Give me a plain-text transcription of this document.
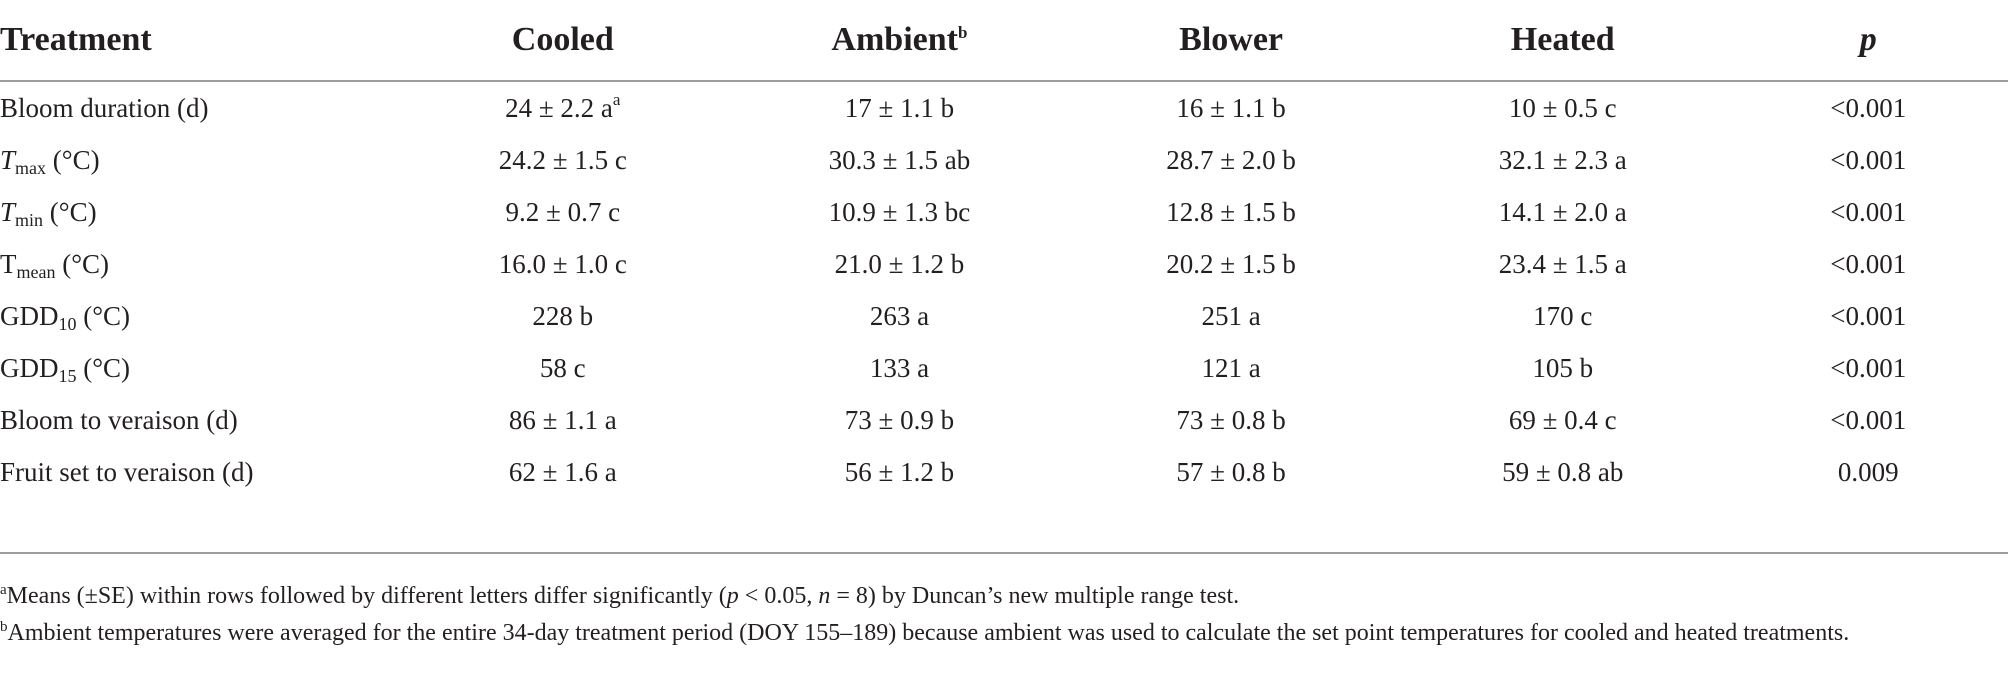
Treatment	Cooled	Ambient$^b$	Blower	Heated	p
Bloom duration (d)	24 ± 2.2 $a^a$	17 ± 1.1 b	16 ± 1.1 b	10 ± 0.5 c	<0.001
$T_{max}$ (°C)	24.2 ± 1.5 c	30.3 ± 1.5 ab	28.7 ± 2.0 b	32.1 ± 2.3 a	<0.001
$T_{min}$ (°C)	9.2 ± 0.7 c	10.9 ± 1.3 bc	12.8 ± 1.5 b	14.1 ± 2.0 a	<0.001
$T_{mean}$ (°C)	16.0 ± 1.0 c	21.0 ± 1.2 b	20.2 ± 1.5 b	23.4 ± 1.5 a	<0.001
$GDD_{10}$ (°C)	228 b	263 a	251 a	170 c	<0.001
$GDD_{15}$ (°C)	58 c	133 a	121 a	105 b	<0.001
Bloom to veraison (d)	86 ± 1.1 a	73 ± 0.9 b	73 ± 0.8 b	69 ± 0.4 c	<0.001
Fruit set to veraison (d)	62 ± 1.6 a	56 ± 1.2 b	57 ± 0.8 b	59 ± 0.8 ab	0.009

$^a$Means (±SE) within rows followed by different letters differ significantly (p < 0.05, n = 8) by Duncan’s new multiple range test.

$^b$Ambient temperatures were averaged for the entire 34-day treatment period (DOY 155–189) because ambient was used to calculate the set point temperatures for cooled and heated treatments.
